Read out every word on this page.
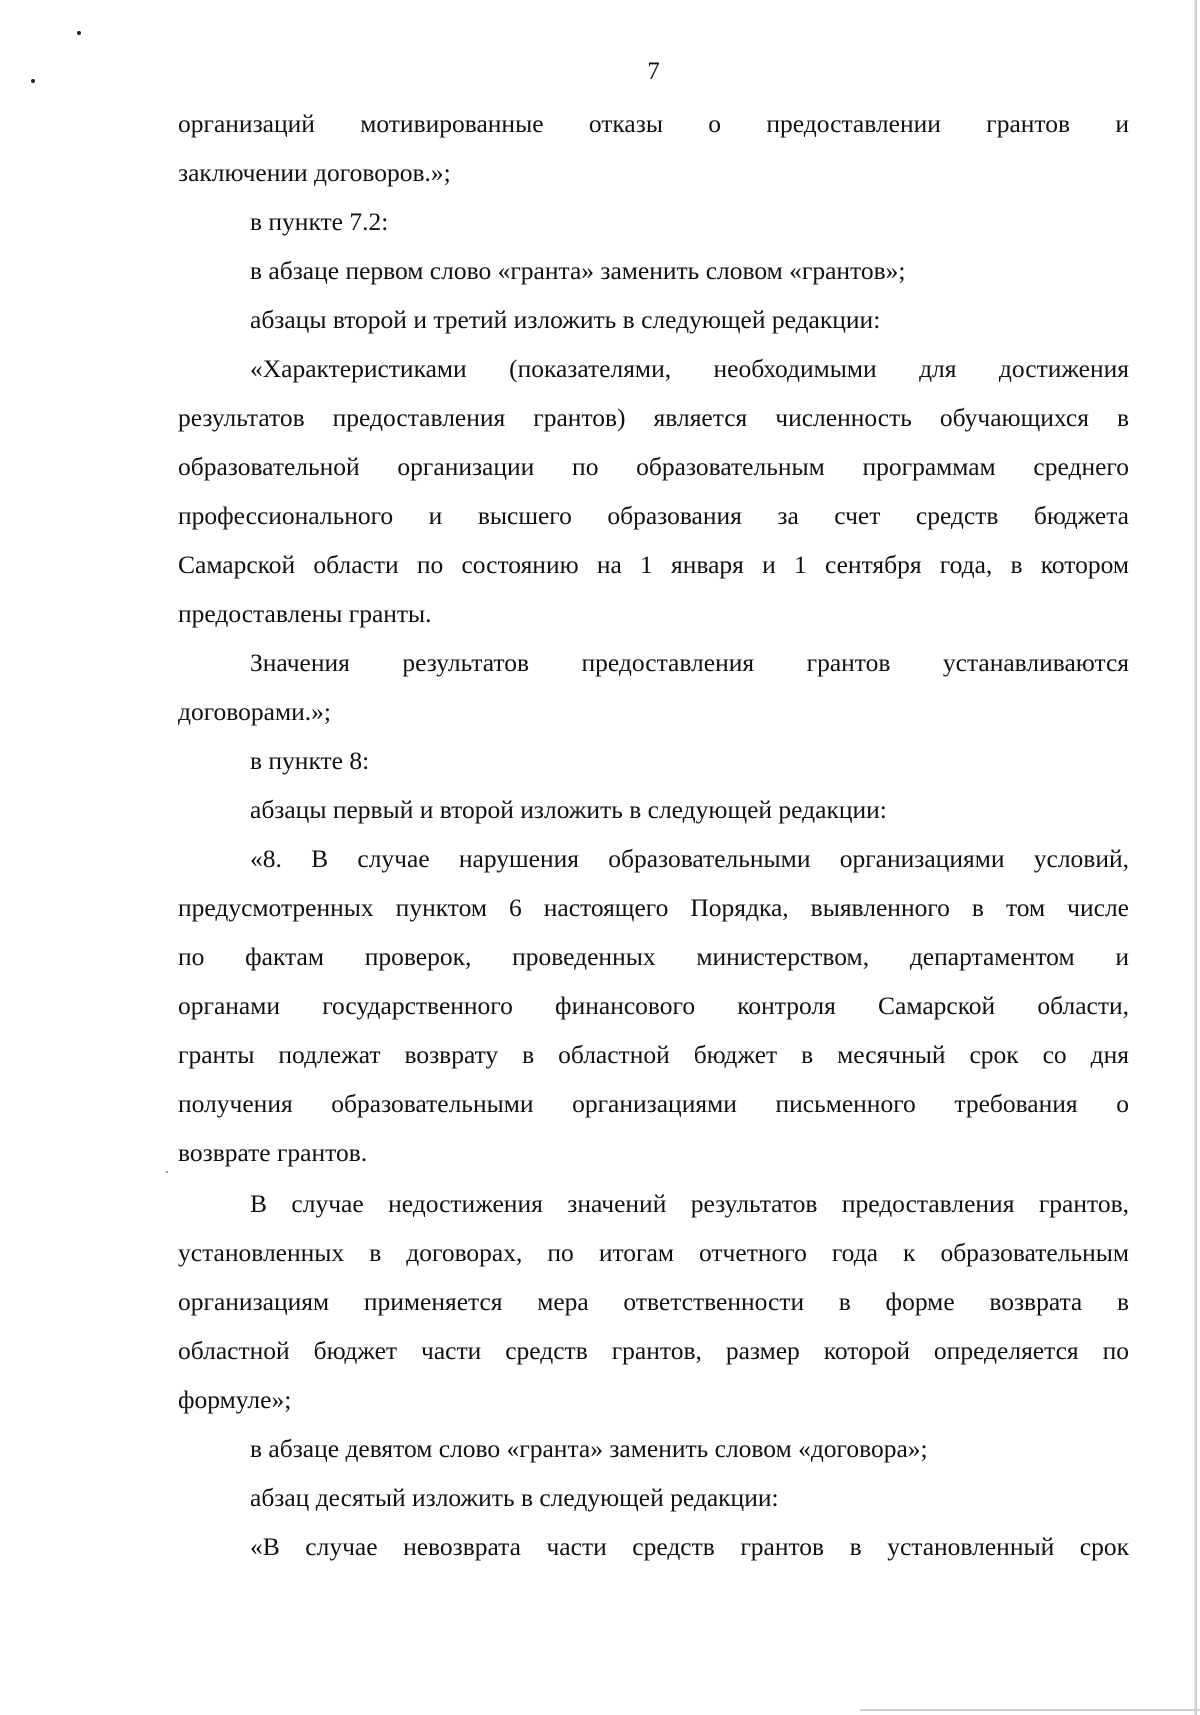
7

организаций мотивированные отказы о предоставлении грантов и

заключении договоров.»;

в пункте 7.2:

в абзаце первом слово «гранта» заменить словом «грантов»;

абзацы второй и третий изложить в следующей редакции:

«Характеристиками (показателями, необходимыми для достижения

результатов предоставления грантов) является численность обучающихся в

образовательной организации по образовательным программам среднего

профессионального и высшего образования за счет средств бюджета

Самарской области по состоянию на 1 января и 1 сентября года, в котором

предоставлены гранты.

Значения результатов предоставления грантов устанавливаются

договорами.»;

в пункте 8:

абзацы первый и второй изложить в следующей редакции:

«8. В случае нарушения образовательными организациями условий,

предусмотренных пунктом 6 настоящего Порядка, выявленного в том числе

по фактам проверок, проведенных министерством, департаментом и

органами государственного финансового контроля Самарской области,

гранты подлежат возврату в областной бюджет в месячный срок со дня

получения образовательными организациями письменного требования о

возврате грантов.

В случае недостижения значений результатов предоставления грантов,

установленных в договорах, по итогам отчетного года к образовательным

организациям применяется мера ответственности в форме возврата в

областной бюджет части средств грантов, размер которой определяется по

формуле»;

в абзаце девятом слово «гранта» заменить словом «договора»;

абзац десятый изложить в следующей редакции:

«В случае невозврата части средств грантов в установленный срок
